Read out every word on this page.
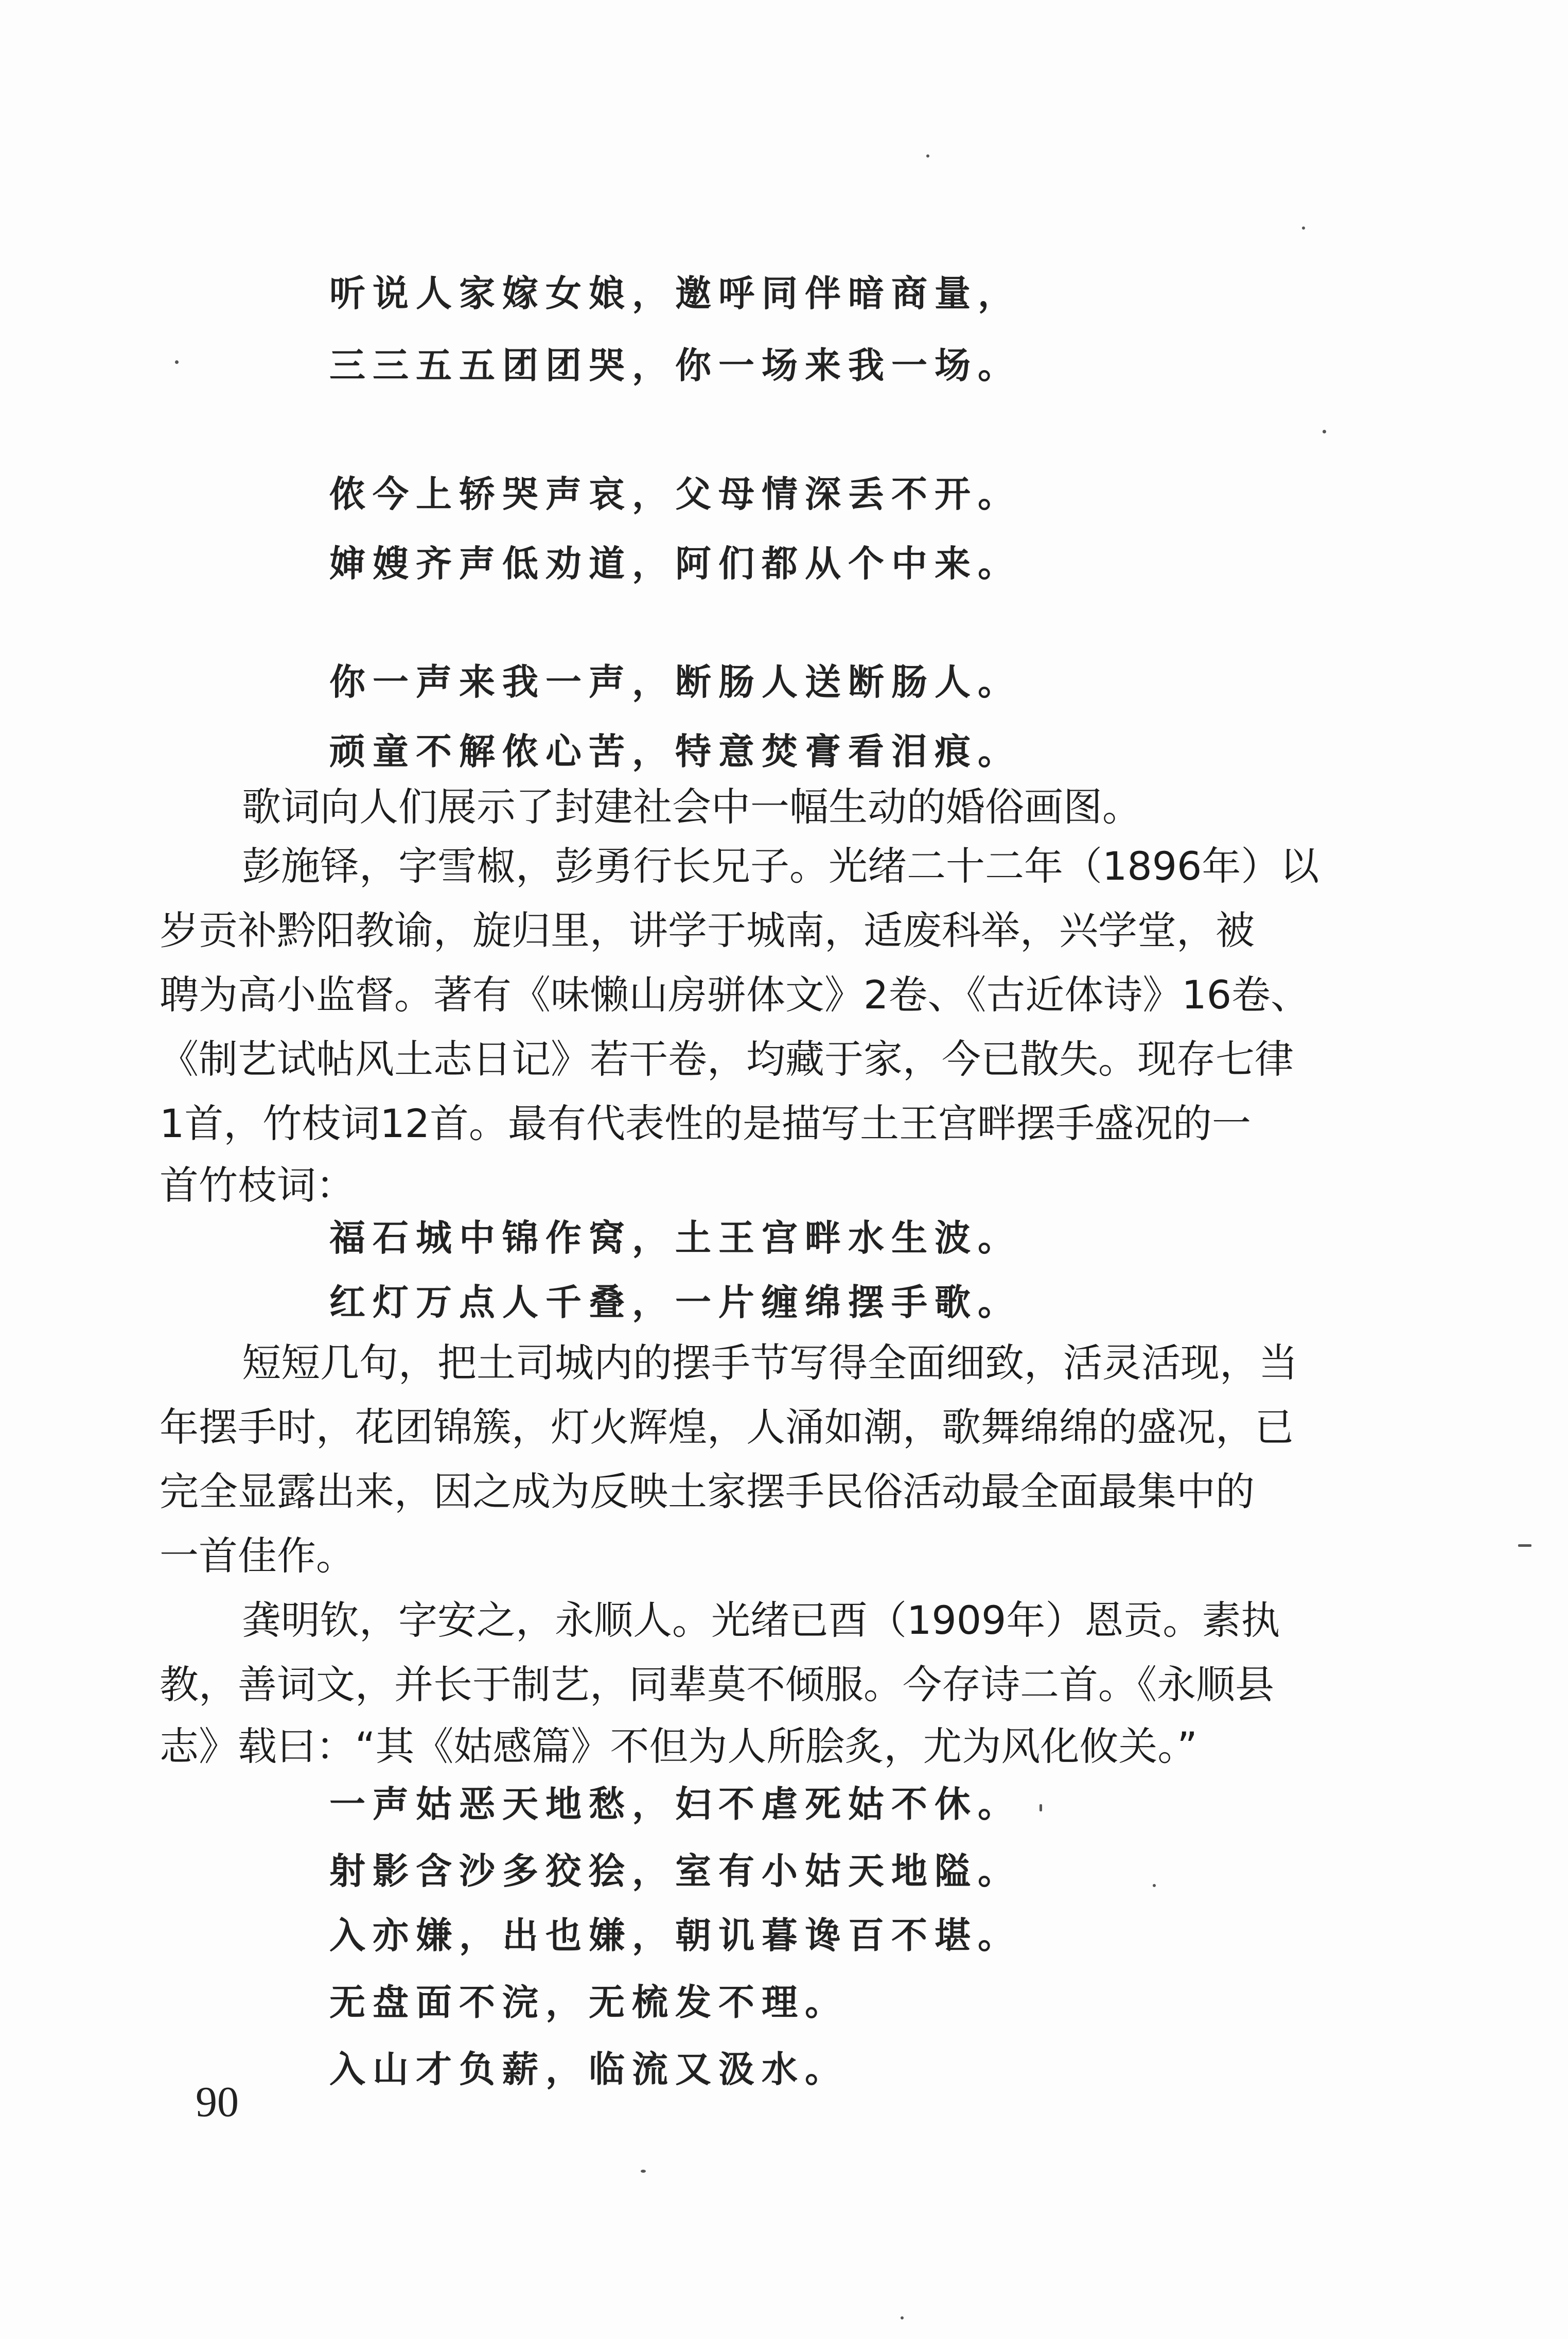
听说人家嫁女娘，邀呼同伴暗商量，
三三五五团团哭，你一场来我一场。
侬今上轿哭声哀，父母情深丢不开。
婶嫂齐声低劝道，阿们都从个中来。
你一声来我一声，断肠人送断肠人。
顽童不解侬心苦，特意焚膏看泪痕。
歌词向人们展示了封建社会中一幅生动的婚俗画图。
彭施铎，字雪椒，彭勇行长兄子。光绪二十二年（1896年）以
岁贡补黔阳教谕，旋归里，讲学于城南，适废科举，兴学堂，被
聘为高小监督。著有《味懒山房骈体文》2卷、《古近体诗》16卷、
《制艺试帖风土志日记》若干卷，均藏于家，今已散失。现存七律
1首，竹枝词12首。最有代表性的是描写土王宫畔摆手盛况的一
首竹枝词：
福石城中锦作窝，土王宫畔水生波。
红灯万点人千叠，一片缠绵摆手歌。
短短几句，把土司城内的摆手节写得全面细致，活灵活现，当
年摆手时，花团锦簇，灯火辉煌，人涌如潮，歌舞绵绵的盛况，已
完全显露出来，因之成为反映土家摆手民俗活动最全面最集中的
一首佳作。
龚明钦，字安之，永顺人。光绪已酉（1909年）恩贡。素执
教，善词文，并长于制艺，同辈莫不倾服。今存诗二首。《永顺县
志》载曰：“其《姑感篇》不但为人所脍炙，尤为风化攸关。”
一声姑恶天地愁，妇不虐死姑不休。
射影含沙多狡狯，室有小姑天地隘。
入亦嫌，出也嫌，朝讥暮谗百不堪。
无盘面不浣，无梳发不理。
入山才负薪，临流又汲水。
90
